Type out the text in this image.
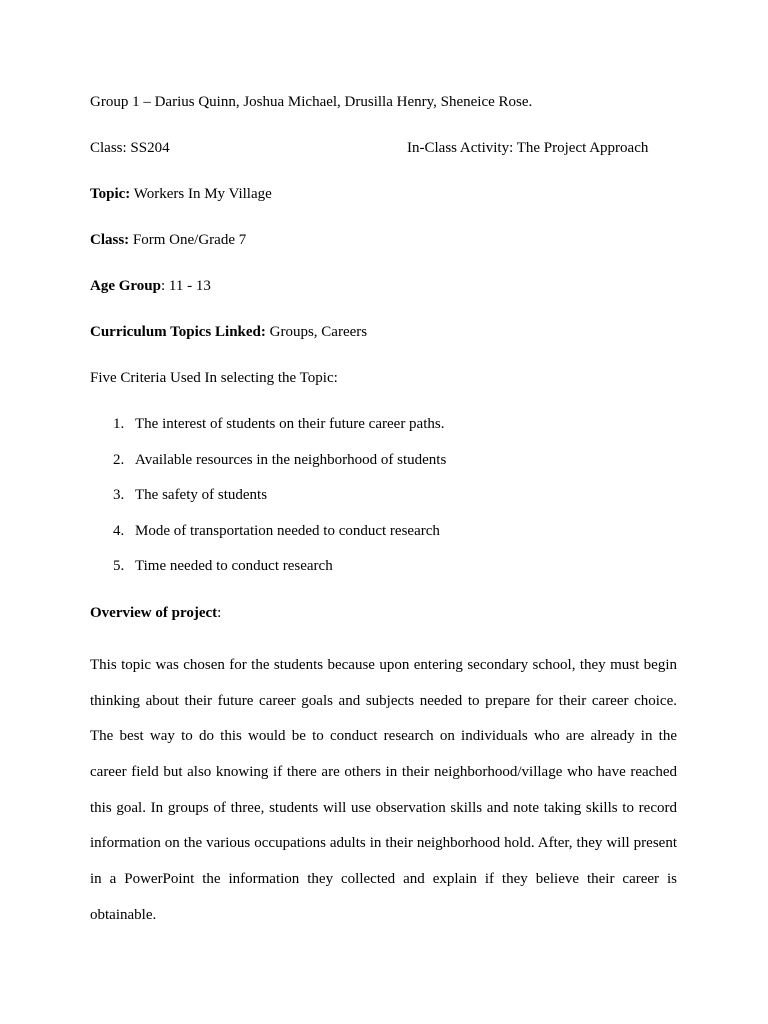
Group 1 – Darius Quinn, Joshua Michael, Drusilla Henry, Sheneice Rose.
Class: SS204	In-Class Activity: The Project Approach
Topic: Workers In My Village
Class: Form One/Grade 7
Age Group: 11 - 13
Curriculum Topics Linked: Groups, Careers
Five Criteria Used In selecting the Topic:
1. The interest of students on their future career paths.
2. Available resources in the neighborhood of students
3. The safety of students
4. Mode of transportation needed to conduct research
5. Time needed to conduct research
Overview of project:
This topic was chosen for the students because upon entering secondary school, they must begin
thinking about their future career goals and subjects needed to prepare for their career choice.
The best way to do this would be to conduct research on individuals who are already in the
career field but also knowing if there are others in their neighborhood/village who have reached
this goal. In groups of three, students will use observation skills and note taking skills to record
information on the various occupations adults in their neighborhood hold. After, they will present
in a PowerPoint the information they collected and explain if they believe their career is
obtainable.
